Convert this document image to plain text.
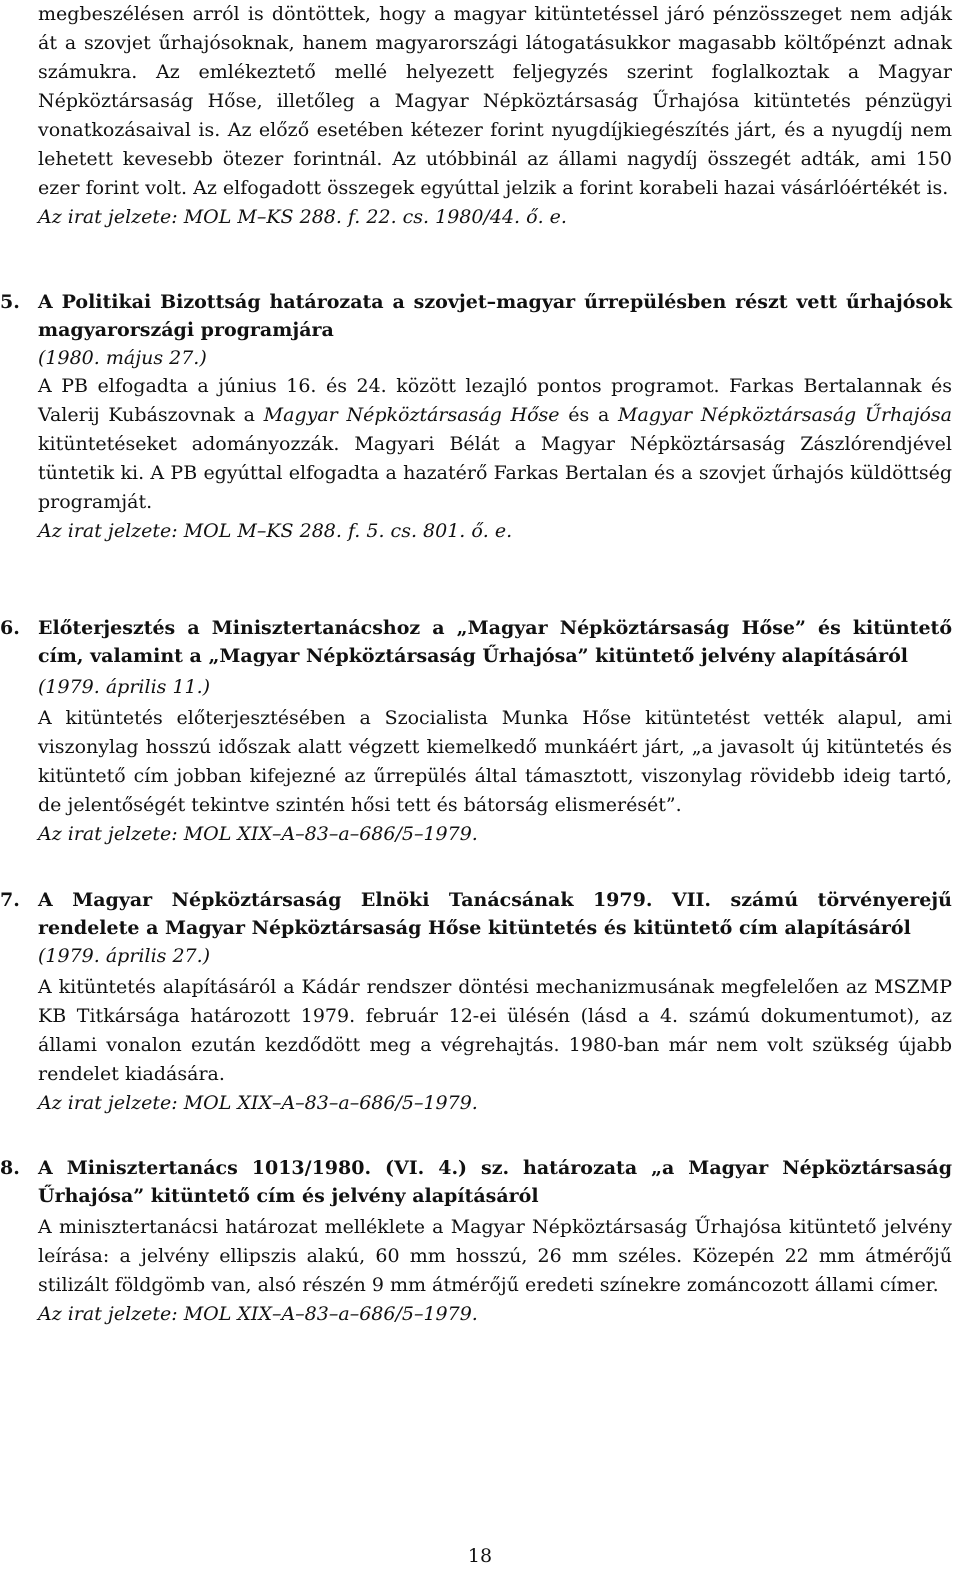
megbeszélésen arról is döntöttek, hogy a magyar kitüntetéssel járó pénzösszeget nem adják át a szovjet űrhajósoknak, hanem magyarországi látogatásukkor magasabb költőpénzt adnak számukra. Az emlékeztető mellé helyezett feljegyzés szerint foglalkoztak a Magyar Népköztársaság Hőse, illetőleg a Magyar Népköztársaság Űrhajósa kitüntetés pénzügyi vonatkozásaival is. Az előző esetében kétezer forint nyugdíjkiegészítés járt, és a nyugdíj nem lehetett kevesebb ötezer forintnál. Az utóbbinál az állami nagydíj összegét adták, ami 150 ezer forint volt. Az elfogadott összegek egyúttal jelzik a forint korabeli hazai vásárlóértékét is.

Az irat jelzete: MOL M–KS 288. f. 22. cs. 1980/44. ő. e.

5. A Politikai Bizottság határozata a szovjet–magyar űrrepülésben részt vett űrhajósok magyarországi programjára

(1980. május 27.)

A PB elfogadta a június 16. és 24. között lezajló pontos programot. Farkas Bertalannak és Valerij Kubászovnak a Magyar Népköztársaság Hőse és a Magyar Népköztársaság Űrhajósa kitüntetéseket adományozzák. Magyari Bélát a Magyar Népköztársaság Zászlórendjével tüntetik ki. A PB egyúttal elfogadta a hazatérő Farkas Bertalan és a szovjet űrhajós küldöttség programját.

Az irat jelzete: MOL M–KS 288. f. 5. cs. 801. ő. e.

6. Előterjesztés a Minisztertanácshoz a „Magyar Népköztársaság Hőse” és kitüntető cím, valamint a „Magyar Népköztársaság Űrhajósa” kitüntető jelvény alapításáról

(1979. április 11.)

A kitüntetés előterjesztésében a Szocialista Munka Hőse kitüntetést vették alapul, ami viszonylag hosszú időszak alatt végzett kiemelkedő munkáért járt, „a javasolt új kitüntetés és kitüntető cím jobban kifejezné az űrrepülés által támasztott, viszonylag rövidebb ideig tartó, de jelentőségét tekintve szintén hősi tett és bátorság elismerését”.

Az irat jelzete: MOL XIX–A–83–a–686/5–1979.

7. A Magyar Népköztársaság Elnöki Tanácsának 1979. VII. számú törvényerejű rendelete a Magyar Népköztársaság Hőse kitüntetés és kitüntető cím alapításáról

(1979. április 27.)

A kitüntetés alapításáról a Kádár rendszer döntési mechanizmusának megfelelően az MSZMP KB Titkársága határozott 1979. február 12-ei ülésén (lásd a 4. számú dokumentumot), az állami vonalon ezután kezdődött meg a végrehajtás. 1980-ban már nem volt szükség újabb rendelet kiadására.

Az irat jelzete: MOL XIX–A–83–a–686/5–1979.

8. A Minisztertanács 1013/1980. (VI. 4.) sz. határozata „a Magyar Népköztársaság Űrhajósa” kitüntető cím és jelvény alapításáról

A minisztertanácsi határozat melléklete a Magyar Népköztársaság Űrhajósa kitüntető jelvény leírása: a jelvény ellipszis alakú, 60 mm hosszú, 26 mm széles. Közepén 22 mm átmérőjű stilizált földgömb van, alsó részén 9 mm átmérőjű eredeti színekre zománcozott állami címer.

Az irat jelzete: MOL XIX–A–83–a–686/5–1979.

18
